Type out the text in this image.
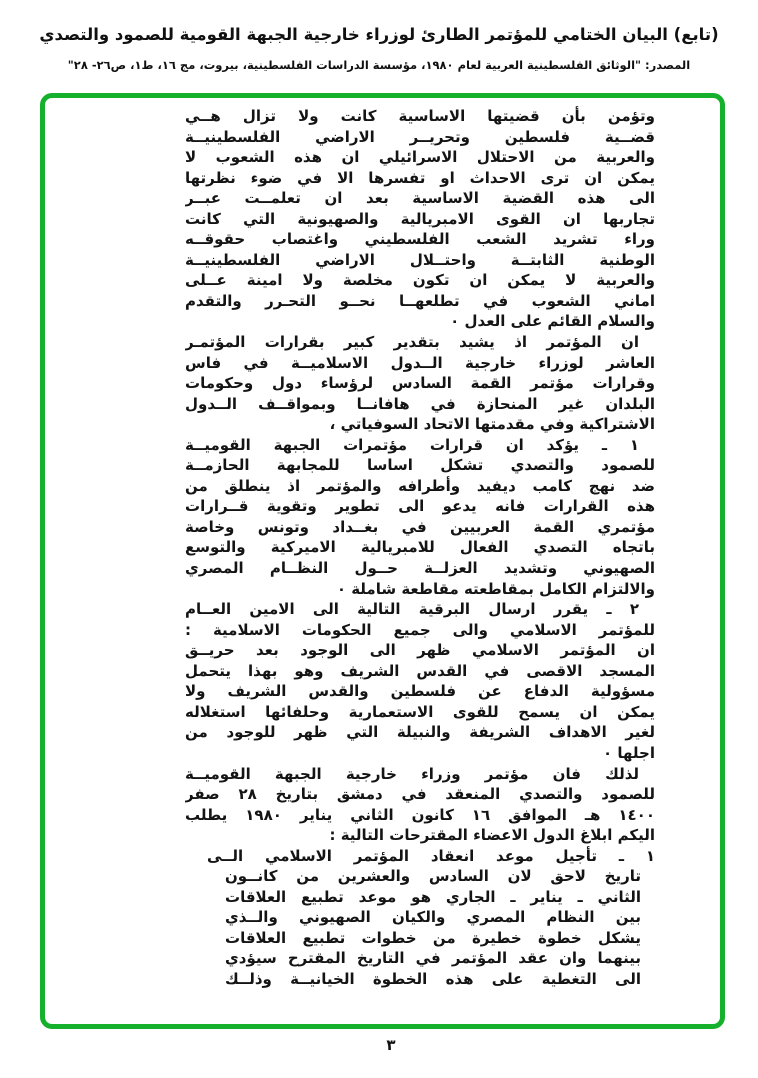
(تابع) البيان الختامي للمؤتمر الطارئ لوزراء خارجية الجبهة القومية للصمود والتصدي
المصدر: "الوثائق الفلسطينية العربية لعام ١٩٨٠، مؤسسة الدراسات الفلسطينية، بيروت، مج ١٦، ط١، ص٢٦- ٢٨"
وتؤمن بأن قضيتها الاساسية كانت ولا تزال هــي
قضــية فلسطين وتحريــر الاراضي الفلسطينيــة
والعربية من الاحتلال الاسرائيلي ان هذه الشعوب لا
يمكن ان ترى الاحداث او تفسرها الا في ضوء نظرتها
الى هذه القضية الاساسية بعد ان تعلمــت عبــر
تجاربها ان القوى الامبريالية والصهيونية التي كانت
وراء تشريد الشعب الفلسطيني واغتصاب حقوقــه
الوطنية الثابتــة واحتــلال الاراضي الفلسطينيــة
والعربية لا يمكن ان تكون مخلصة ولا امينة عــلى
اماني الشعوب في تطلعهــا نحــو التحـرر والتقدم
والسلام القائم على العدل ٠
ان المؤتمر اذ يشيد بتقدير كبير بقرارات المؤتمـر
العاشر لوزراء خارجية الــدول الاسلاميــة في فاس
وقرارات مؤتمر القمة السادس لرؤساء دول وحكومات
البلدان غير المنحازة في هافانــا وبمواقــف الــدول
الاشتراكية وفي مقدمتها الاتحاد السوفياتي ،
١ ـ يؤكد ان قرارات مؤتمرات الجبهة القوميــة
للصمود والتصدي تشكل اساسا للمجابهة الحازمــة
ضد نهج كامب ديفيد وأطرافه والمؤتمر اذ ينطلق من
هذه القرارات فانه يدعو الى تطوير وتقوية قــرارات
مؤتمري القمة العربيين في بغــداد وتونس وخاصة
باتجاه التصدي الفعال للامبريالية الاميركية والتوسع
الصهيوني وتشديد العزلــة حــول النظــام المصري
والالتزام الكامل بمقاطعته مقاطعة شاملة ٠
٢ ـ يقرر ارسال البرقية التالية الى الامين العــام
للمؤتمر الاسلامي والى جميع الحكومات الاسلامية :
ان المؤتمر الاسلامي ظهر الى الوجود بعد حريــق
المسجد الاقصى في القدس الشريف وهو بهذا يتحمل
مسؤولية الدفاع عن فلسطين والقدس الشريف ولا
يمكن ان يسمح للقوى الاستعمارية وحلفائها استغلاله
لغير الاهداف الشريفة والنبيلة التي ظهر للوجود من
اجلها ٠
لذلك فان مؤتمر وزراء خارجية الجبهة القوميــة
للصمود والتصدي المنعقد في دمشق بتاريخ ٢٨ صفر
١٤٠٠ هـ الموافق ١٦ كانون الثاني يناير ١٩٨٠ يطلب
اليكم ابلاغ الدول الاعضاء المقترحات التالية :
١ ـ تأجيل موعد انعقاد المؤتمر الاسلامي الــى
تاريخ لاحق لان السادس والعشرين من كانــون
الثاني ـ يناير ـ الجاري هو موعد تطبيع العلاقات
بين النظام المصري والكيان الصهيوني والــذي
يشكل خطوة خطيرة من خطوات تطبيع العلاقات
بينهما وان عقد المؤتمر في التاريخ المقترح سيؤدي
الى التغطية على هذه الخطوة الخيانيــة وذلــك
٣
